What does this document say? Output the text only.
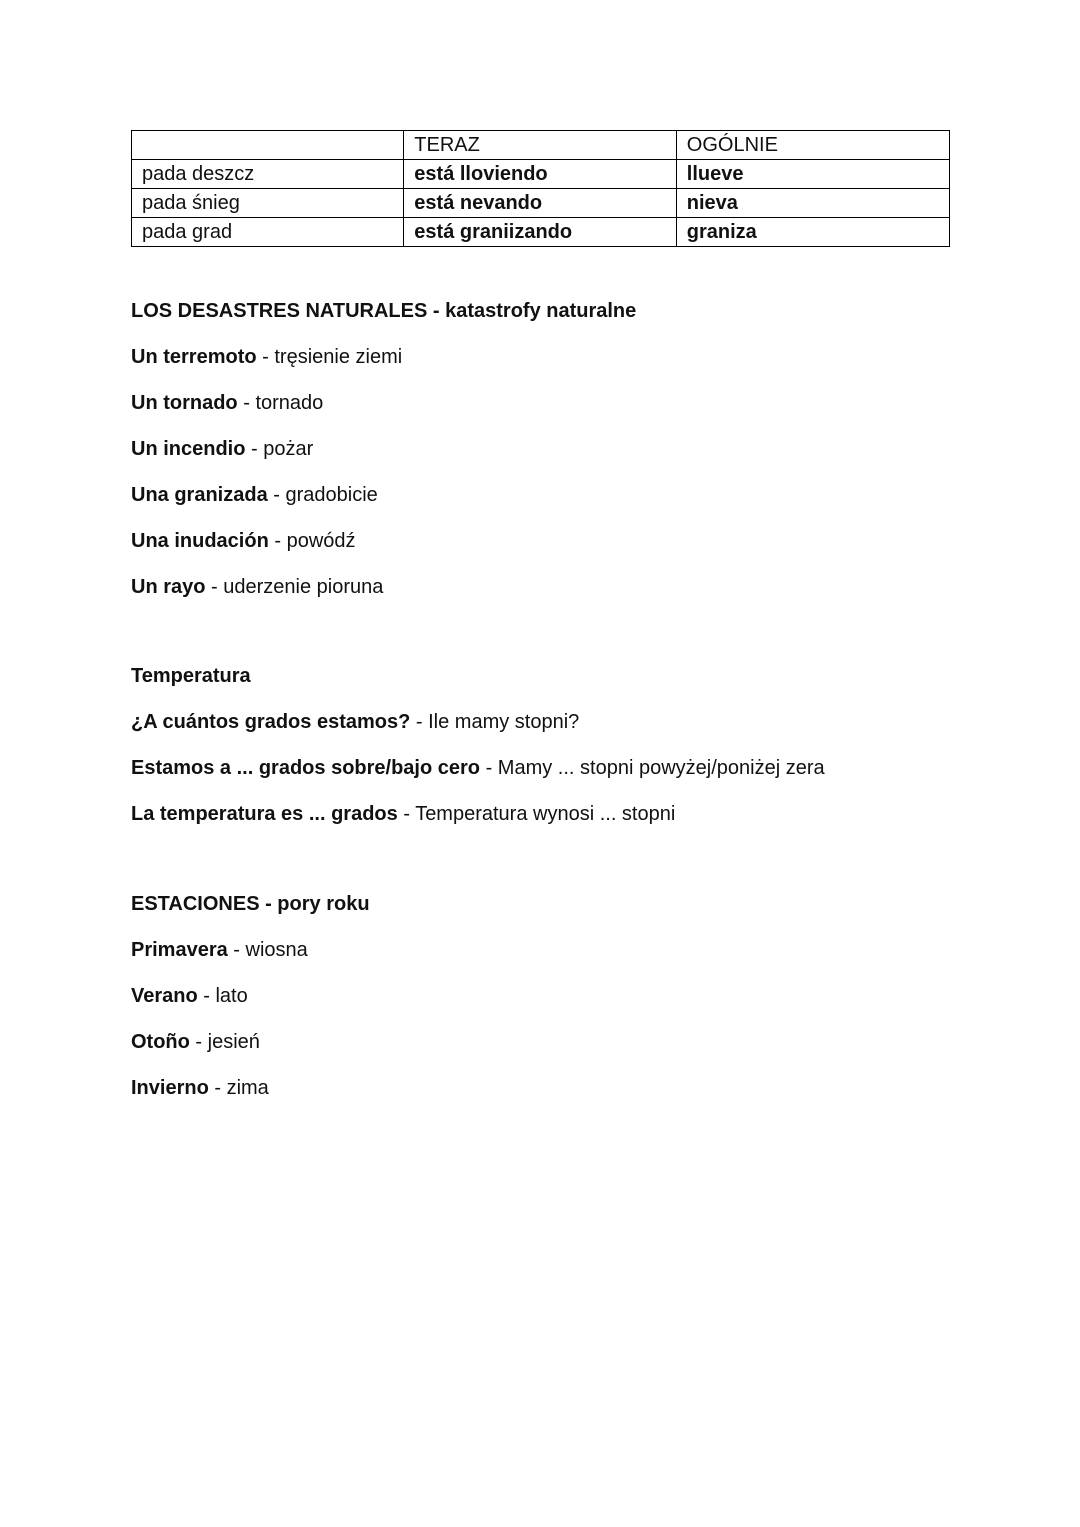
	TERAZ	OGÓLNIE
pada deszcz	está lloviendo	llueve
pada śnieg	está nevando	nieva
pada grad	está graniizando	graniza
LOS DESASTRES NATURALES - katastrofy naturalne
Un terremoto - tręsienie ziemi
Un tornado - tornado
Un incendio - pożar
Una granizada - gradobicie
Una inudación - powódź
Un rayo - uderzenie pioruna
Temperatura
¿A cuántos grados estamos? - Ile mamy stopni?
Estamos a ... grados sobre/bajo cero - Mamy ... stopni powyżej/poniżej zera
La temperatura es ... grados - Temperatura wynosi ... stopni
ESTACIONES - pory roku
Primavera - wiosna
Verano - lato
Otoño - jesień
Invierno - zima
